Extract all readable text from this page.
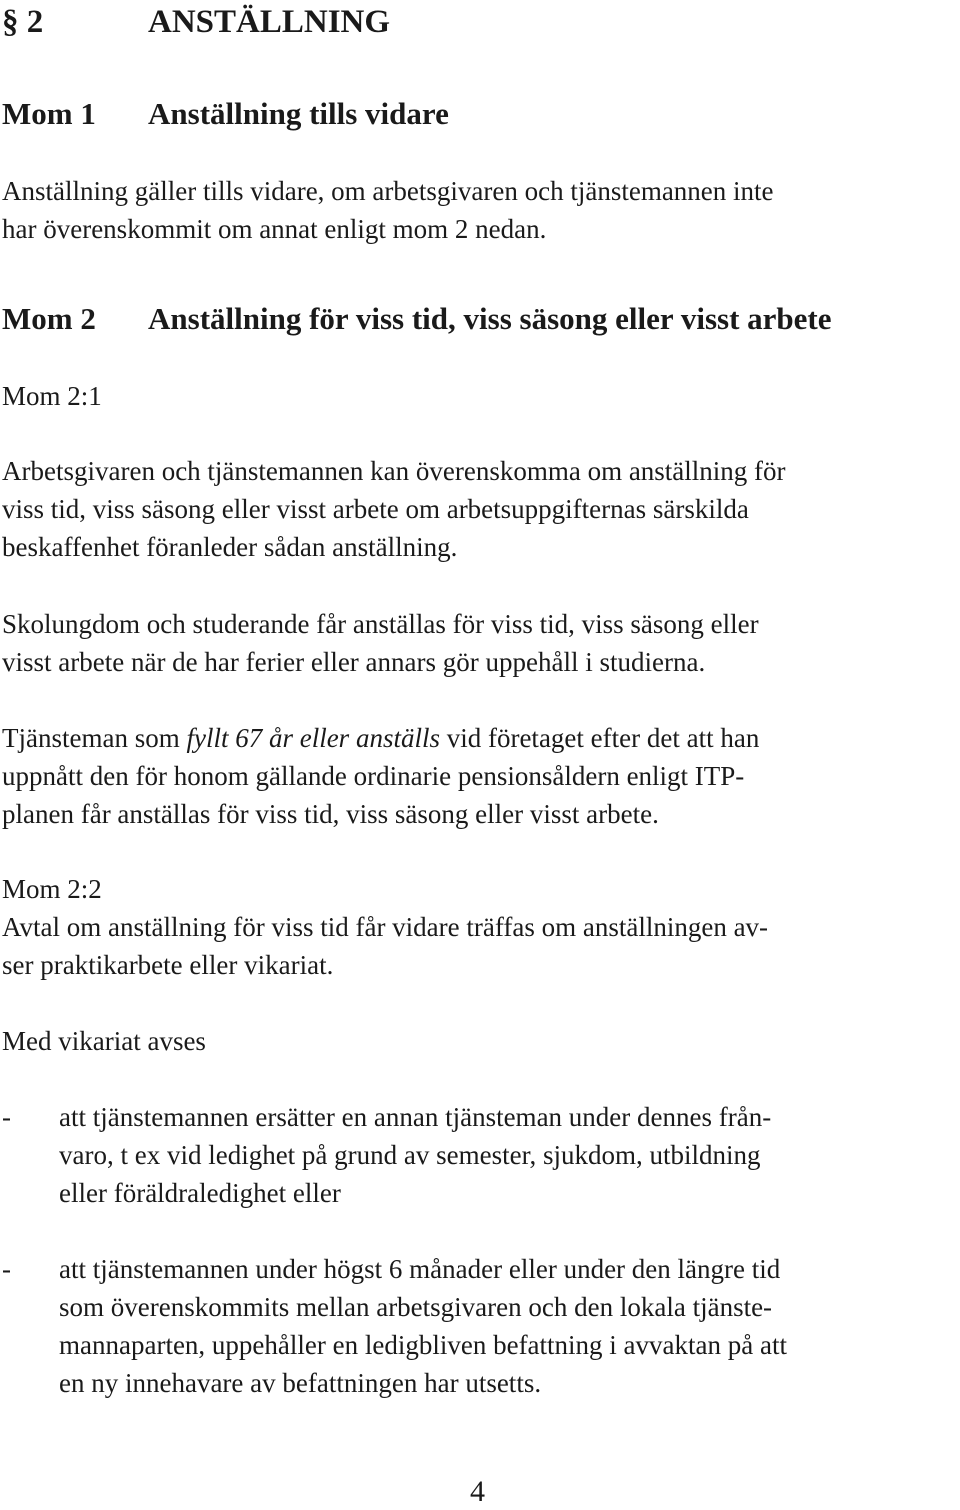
§ 2	ANSTÄLLNING
Mom 1 Anställning tills vidare
Anställning gäller tills vidare, om arbetsgivaren och tjänstemannen inte
har överenskommit om annat enligt mom 2 nedan.
Mom 2 Anställning för viss tid, viss säsong eller visst arbete
Mom 2:1
Arbetsgivaren och tjänstemannen kan överenskomma om anställning för
viss tid, viss säsong eller visst arbete om arbetsuppgifternas särskilda
beskaffenhet föranleder sådan anställning.
Skolungdom och studerande får anställas för viss tid, viss säsong eller
visst arbete när de har ferier eller annars gör uppehåll i studierna.
Tjänsteman som fyllt 67 år eller anställs vid företaget efter det att han
uppnått den för honom gällande ordinarie pensionsåldern enligt ITP-
planen får anställas för viss tid, viss säsong eller visst arbete.
Mom 2:2
Avtal om anställning för viss tid får vidare träffas om anställningen av-
ser praktikarbete eller vikariat.
Med vikariat avses
- att tjänstemannen ersätter en annan tjänsteman under dennes från-
varo, t ex vid ledighet på grund av semester, sjukdom, utbildning
eller föräldraledighet eller
- att tjänstemannen under högst 6 månader eller under den längre tid
som överenskommits mellan arbetsgivaren och den lokala tjänste-
mannaparten, uppehåller en ledigbliven befattning i avvaktan på att
en ny innehavare av befattningen har utsetts.
4
